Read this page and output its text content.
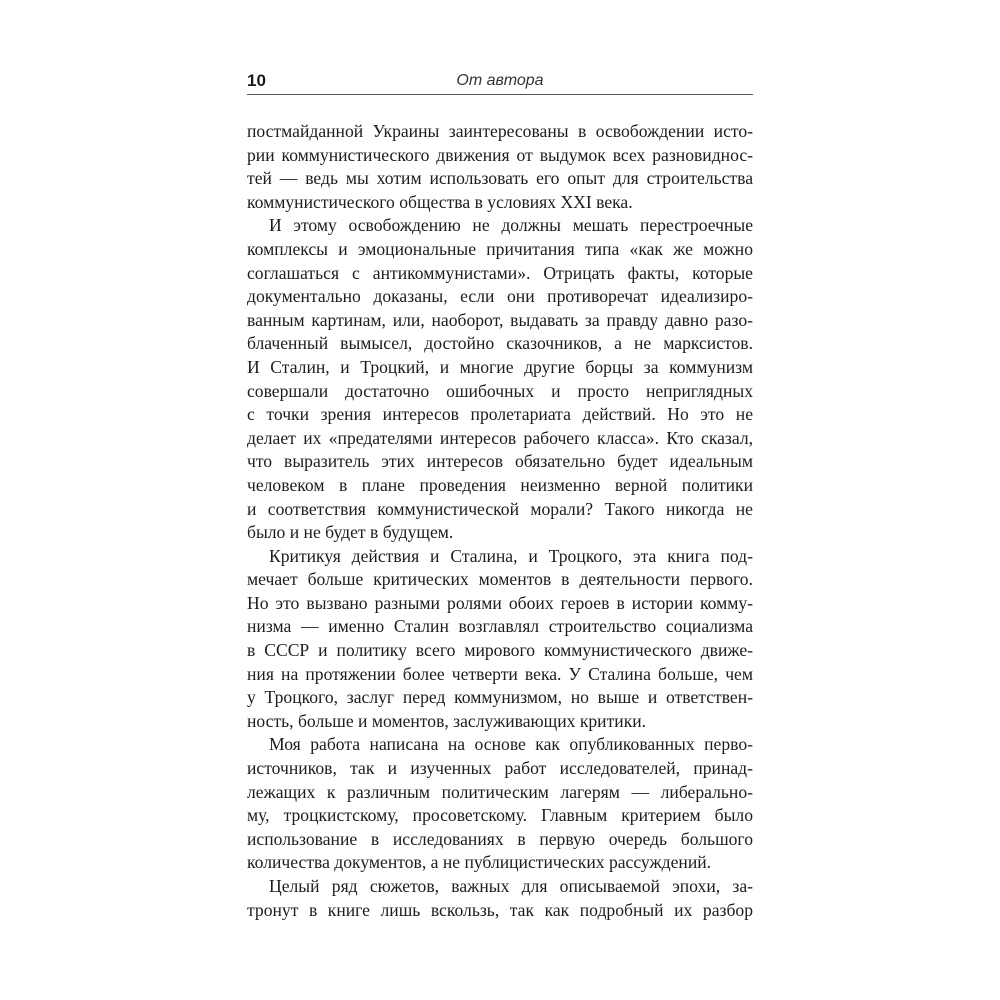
10	От автора
постмайданной Украины заинтересованы в освобождении исто-
рии коммунистического движения от выдумок всех разновиднос-
тей — ведь мы хотим использовать его опыт для строительства
коммунистического общества в условиях XXI века.
И этому освобождению не должны мешать перестроечные
комплексы и эмоциональные причитания типа «как же можно
соглашаться с антикоммунистами». Отрицать факты, которые
документально доказаны, если они противоречат идеализиро-
ванным картинам, или, наоборот, выдавать за правду давно разо-
блаченный вымысел, достойно сказочников, а не марксистов.
И Сталин, и Троцкий, и многие другие борцы за коммунизм
совершали достаточно ошибочных и просто неприглядных
с точки зрения интересов пролетариата действий. Но это не
делает их «предателями интересов рабочего класса». Кто сказал,
что выразитель этих интересов обязательно будет идеальным
человеком в плане проведения неизменно верной политики
и соответствия коммунистической морали? Такого никогда не
было и не будет в будущем.
Критикуя действия и Сталина, и Троцкого, эта книга под-
мечает больше критических моментов в деятельности первого.
Но это вызвано разными ролями обоих героев в истории комму-
низма — именно Сталин возглавлял строительство социализма
в СССР и политику всего мирового коммунистического движе-
ния на протяжении более четверти века. У Сталина больше, чем
у Троцкого, заслуг перед коммунизмом, но выше и ответствен-
ность, больше и моментов, заслуживающих критики.
Моя работа написана на основе как опубликованных перво-
источников, так и изученных работ исследователей, принад-
лежащих к различным политическим лагерям — либерально-
му, троцкистскому, просоветскому. Главным критерием было
использование в исследованиях в первую очередь большого
количества документов, а не публицистических рассуждений.
Целый ряд сюжетов, важных для описываемой эпохи, за-
тронут в книге лишь вскользь, так как подробный их разбор
